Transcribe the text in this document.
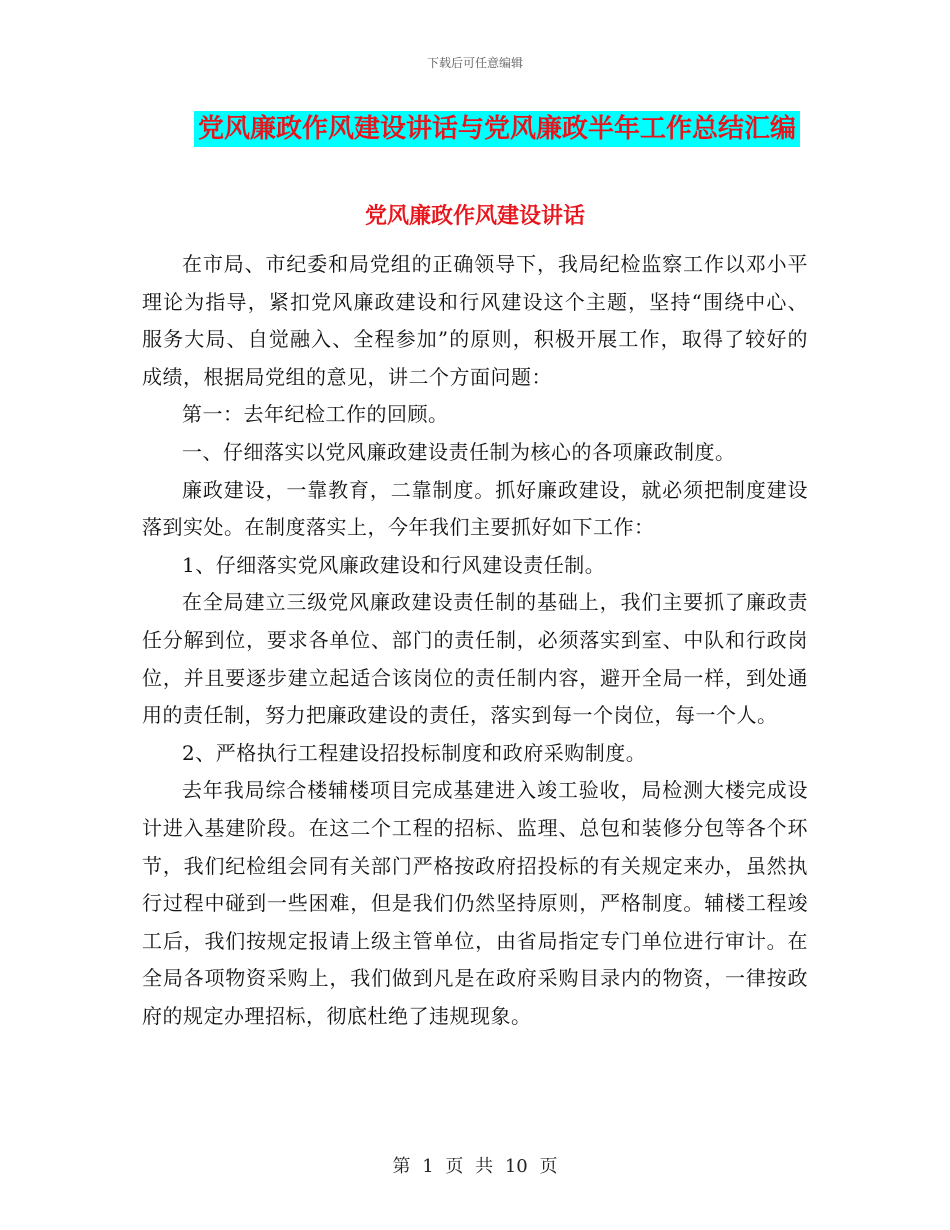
下载后可任意编辑
党风廉政作风建设讲话与党风廉政半年工作总结汇编
党风廉政作风建设讲话

在市局、市纪委和局党组的正确领导下，我局纪检监察工作以邓小平理论为指导，紧扣党风廉政建设和行风建设这个主题，坚持“围绕中心、服务大局、自觉融入、全程参加”的原则，积极开展工作，取得了较好的成绩，根据局党组的意见，讲二个方面问题：

第一：去年纪检工作的回顾。

一、仔细落实以党风廉政建设责任制为核心的各项廉政制度。

廉政建设，一靠教育，二靠制度。抓好廉政建设，就必须把制度建设落到实处。在制度落实上，今年我们主要抓好如下工作：

1、仔细落实党风廉政建设和行风建设责任制。

在全局建立三级党风廉政建设责任制的基础上，我们主要抓了廉政责任分解到位，要求各单位、部门的责任制，必须落实到室、中队和行政岗位，并且要逐步建立起适合该岗位的责任制内容，避开全局一样，到处通用的责任制，努力把廉政建设的责任，落实到每一个岗位，每一个人。

2、严格执行工程建设招投标制度和政府采购制度。

去年我局综合楼辅楼项目完成基建进入竣工验收，局检测大楼完成设计进入基建阶段。在这二个工程的招标、监理、总包和装修分包等各个环节，我们纪检组会同有关部门严格按政府招投标的有关规定来办，虽然执行过程中碰到一些困难，但是我们仍然坚持原则，严格制度。辅楼工程竣工后，我们按规定报请上级主管单位，由省局指定专门单位进行审计。在全局各项物资采购上，我们做到凡是在政府采购目录内的物资，一律按政府的规定办理招标，彻底杜绝了违规现象。

第 1 页 共 10 页
